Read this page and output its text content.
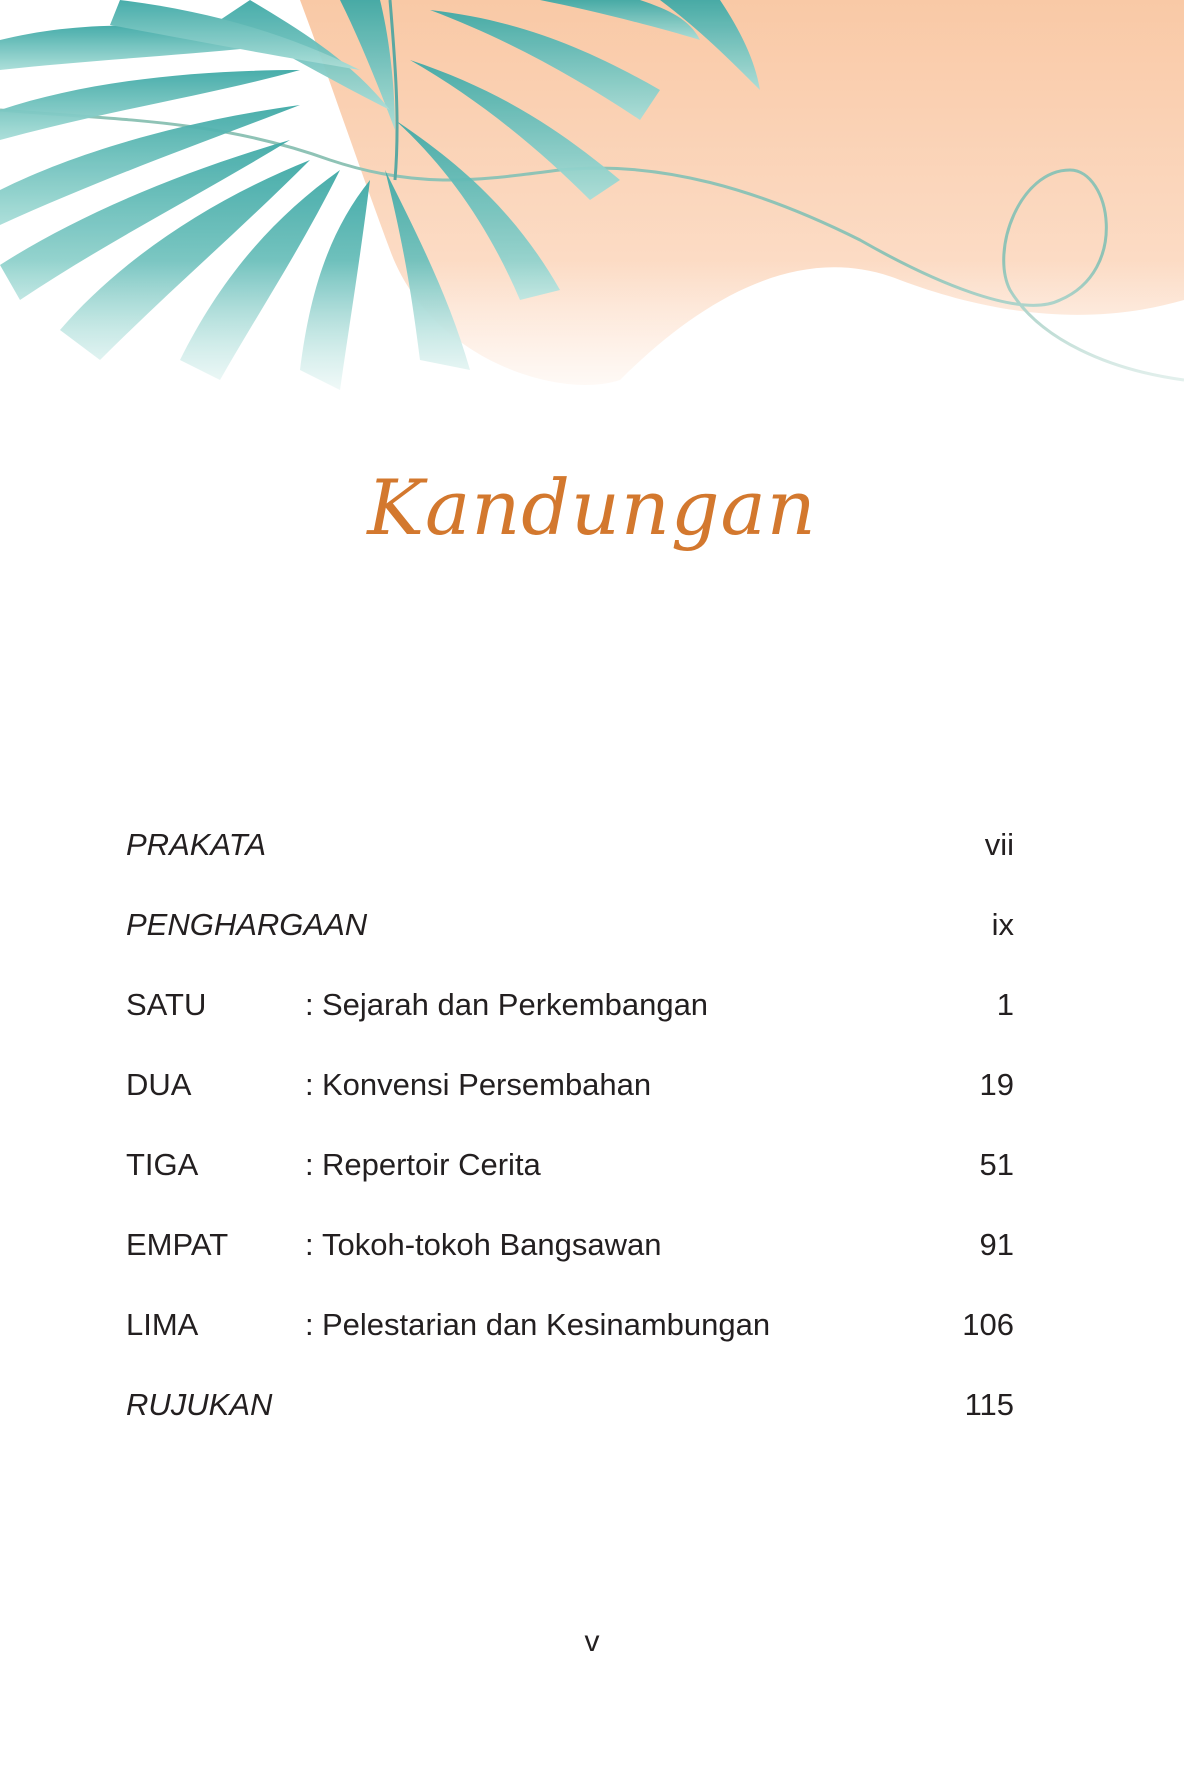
Kandungan
PRAKATA	vii
PENGHARGAAN	ix
SATU	: Sejarah dan Perkembangan	1
DUA	: Konvensi Persembahan	19
TIGA	: Repertoir Cerita	51
EMPAT : Tokoh-tokoh Bangsawan	91
LIMA	: Pelestarian dan Kesinambungan	106
RUJUKAN	115
v
